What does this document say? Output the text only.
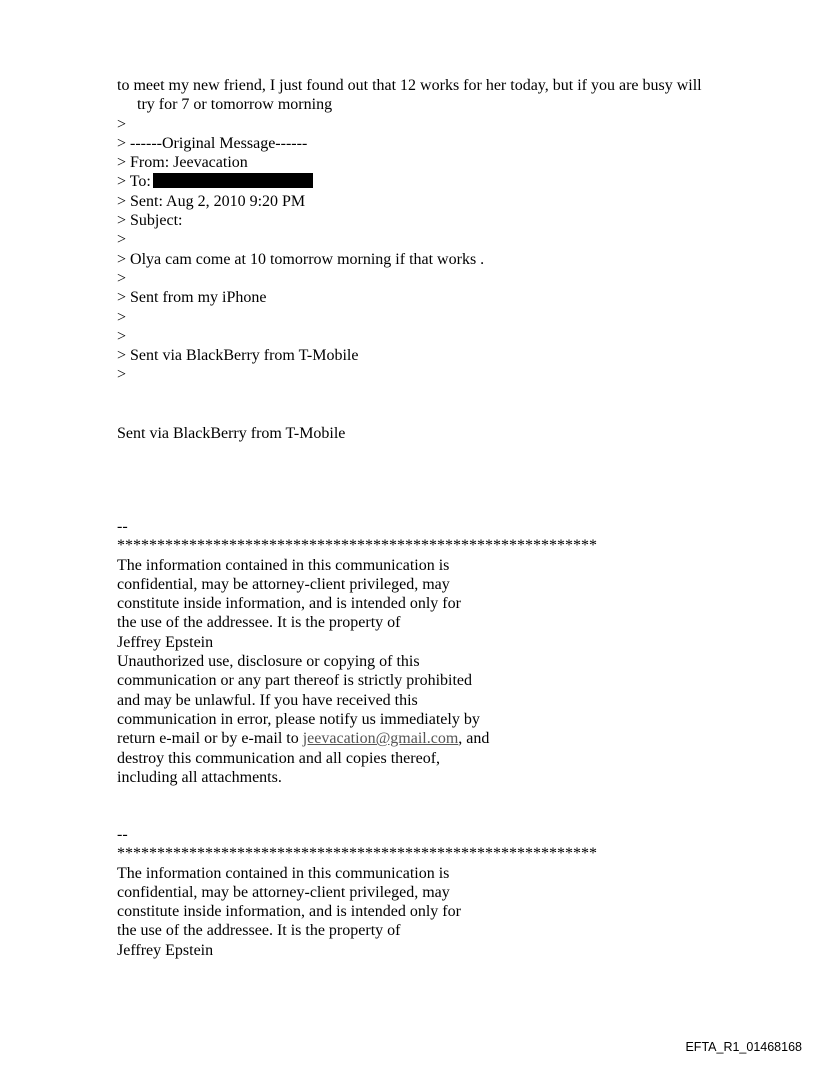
to meet my new friend, I just found out that 12 works for her today, but if you are busy will
try for 7 or tomorrow morning
>
> ------Original Message------
> From: Jeevacation
> To:
> Sent: Aug 2, 2010 9:20 PM
> Subject:
>
> Olya cam come at 10 tomorrow morning if that works .
>
> Sent from my iPhone
>
>
> Sent via BlackBerry from T-Mobile
>
Sent via BlackBerry from T-Mobile
--
************************************************************
The information contained in this communication is
confidential, may be attorney-client privileged, may
constitute inside information, and is intended only for
the use of the addressee. It is the property of
Jeffrey Epstein
Unauthorized use, disclosure or copying of this
communication or any part thereof is strictly prohibited
and may be unlawful. If you have received this
communication in error, please notify us immediately by
return e-mail or by e-mail to jeevacation@gmail.com, and
destroy this communication and all copies thereof,
including all attachments.
--
************************************************************
The information contained in this communication is
confidential, may be attorney-client privileged, may
constitute inside information, and is intended only for
the use of the addressee. It is the property of
Jeffrey Epstein
EFTA_R1_01468168
